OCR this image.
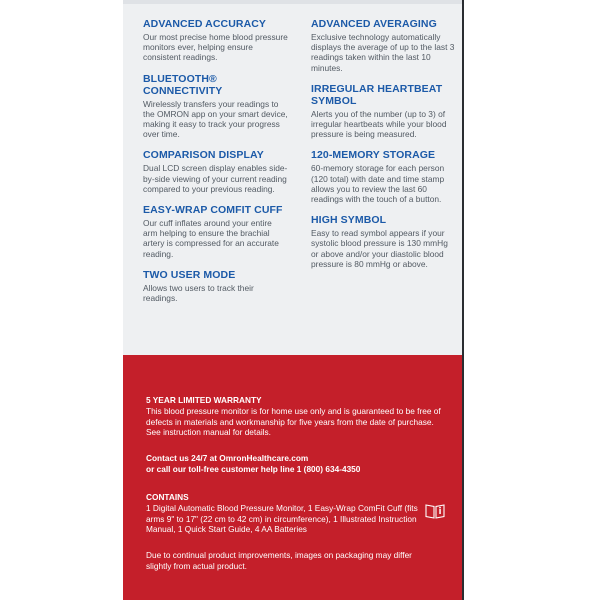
ADVANCED ACCURACY
Our most precise home blood pressure monitors ever, helping ensure consistent readings.
BLUETOOTH® CONNECTIVITY
Wirelessly transfers your readings to the OMRON app on your smart device, making it easy to track your progress over time.
COMPARISON DISPLAY
Dual LCD screen display enables side-by-side viewing of your current reading compared to your previous reading.
EASY-WRAP COMFIT CUFF
Our cuff inflates around your entire arm helping to ensure the brachial artery is compressed for an accurate reading.
TWO USER MODE
Allows two users to track their readings.
ADVANCED AVERAGING
Exclusive technology automatically displays the average of up to the last 3 readings taken within the last 10 minutes.
IRREGULAR HEARTBEAT SYMBOL
Alerts you of the number (up to 3) of irregular heartbeats while your blood pressure is being measured.
120-MEMORY STORAGE
60-memory storage for each person (120 total) with date and time stamp allows you to review the last 60 readings with the touch of a button.
HIGH SYMBOL
Easy to read symbol appears if your systolic blood pressure is 130 mmHg or above and/or your diastolic blood pressure is 80 mmHg or above.
5 YEAR LIMITED WARRANTY
This blood pressure monitor is for home use only and is guaranteed to be free of defects in materials and workmanship for five years from the date of purchase. See instruction manual for details.
Contact us 24/7 at OmronHealthcare.com
or call our toll-free customer help line 1 (800) 634-4350
CONTAINS
1 Digital Automatic Blood Pressure Monitor, 1 Easy-Wrap ComFit Cuff (fits arms 9" to 17" (22 cm to 42 cm) in circumference), 1 Illustrated Instruction Manual, 1 Quick Start Guide, 4 AA Batteries
Due to continual product improvements, images on packaging may differ slightly from actual product.
